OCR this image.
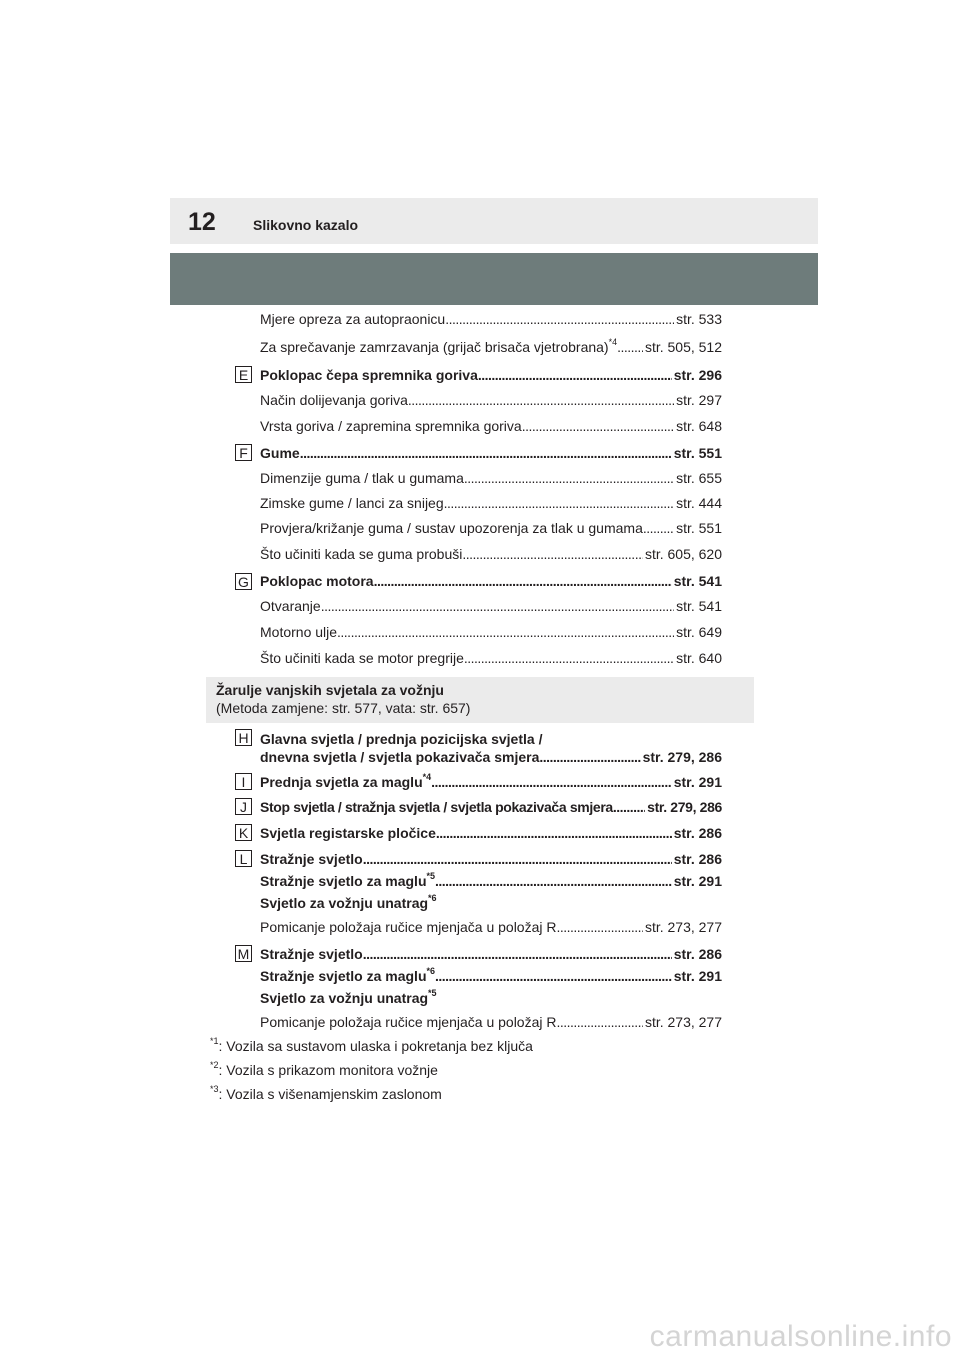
12	Slikovno kazalo
Mjere opreza za autopraonicu . . .	str. 533
Za sprečavanje zamrzavanja (grijač brisača vjetrobrana)$^{*4}$ . . . str. 505, 512
E Poklopac čepa spremnika goriva . . .	str. 296
Način dolijevanja goriva . . .	str. 297
Vrsta goriva / zapremina spremnika goriva . . .	str. 648
F Gume . . .	str. 551
Dimenzije guma / tlak u gumama . . .	str. 655
Zimske gume / lanci za snijeg . . .	str. 444
Provjera/križanje guma / sustav upozorenja za tlak u gumama . . . str. 551
Što učiniti kada se guma probuši . . .	str. 605, 620
G Poklopac motora . . .	str. 541
Otvaranje . . .	str. 541
Motorno ulje . . .	str. 649
Što učiniti kada se motor pregrije . . .	str. 640
Žarulje vanjskih svjetala za vožnju
(Metoda zamjene: str. 577, vata: str. 657)
H Glavna svjetla / prednja pozicijska svjetla /
dnevna svjetla / svjetla pokazivača smjera . . .	str. 279, 286
I	Prednja svjetla za maglu$^{*4}$ . . .	str. 291
J Stop svjetla / stražnja svjetla / svjetla pokazivača smjera . . . str. 279, 286
K Svjetla registarske pločice . . .	str. 286
L Stražnje svjetlo . . .	str. 286
Stražnje svjetlo za maglu$^{*5}$ . . .	str. 291
Svjetlo za vožnju unatrag$^{*6}$
Pomicanje položaja ručice mjenjača u položaj R . . .	str. 273, 277
M Stražnje svjetlo . . .	str. 286
Stražnje svjetlo za maglu$^{*6}$ . . .	str. 291
Svjetlo za vožnju unatrag$^{*5}$
Pomicanje položaja ručice mjenjača u položaj R . . .	str. 273, 277
$^{*1}$: Vozila sa sustavom ulaska i pokretanja bez ključa
$^{*2}$: Vozila s prikazom monitora vožnje
$^{*3}$: Vozila s višenamjenskim zaslonom
carmanualsonline.info
